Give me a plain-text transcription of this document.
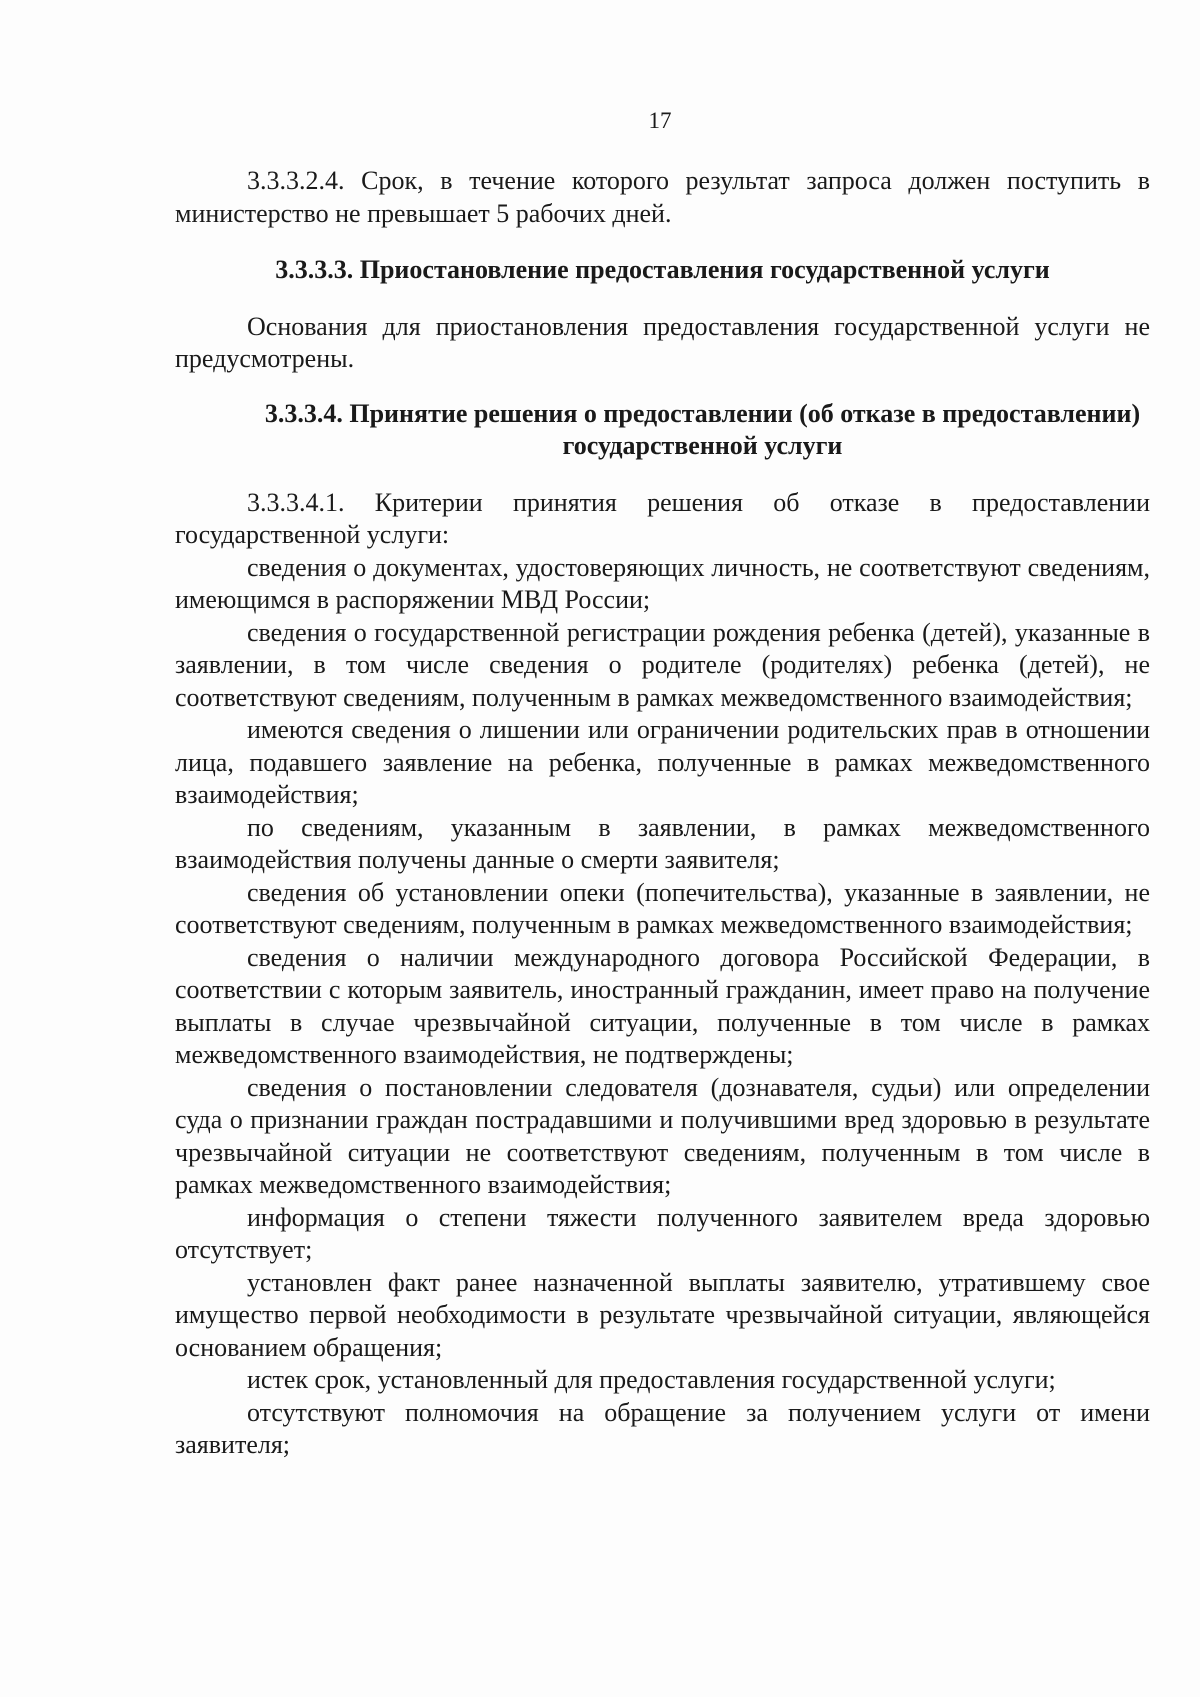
17

3.3.3.2.4. Срок, в течение которого результат запроса должен поступить в министерство не превышает 5 рабочих дней.

3.3.3.3. Приостановление предоставления государственной услуги

Основания для приостановления предоставления государственной услуги не предусмотрены.

3.3.3.4. Принятие решения о предоставлении (об отказе в предоставлении) государственной услуги

3.3.3.4.1. Критерии принятия решения об отказе в предоставлении государственной услуги:

сведения о документах, удостоверяющих личность, не соответствуют сведениям, имеющимся в распоряжении МВД России;

сведения о государственной регистрации рождения ребенка (детей), указанные в заявлении, в том числе сведения о родителе (родителях) ребенка (детей), не соответствуют сведениям, полученным в рамках межведомственного взаимодействия;

имеются сведения о лишении или ограничении родительских прав в отношении лица, подавшего заявление на ребенка, полученные в рамках межведомственного взаимодействия;

по сведениям, указанным в заявлении, в рамках межведомственного взаимодействия получены данные о смерти заявителя;

сведения об установлении опеки (попечительства), указанные в заявлении, не соответствуют сведениям, полученным в рамках межведомственного взаимодействия;

сведения о наличии международного договора Российской Федерации, в соответствии с которым заявитель, иностранный гражданин, имеет право на получение выплаты в случае чрезвычайной ситуации, полученные в том числе в рамках межведомственного взаимодействия, не подтверждены;

сведения о постановлении следователя (дознавателя, судьи) или определении суда о признании граждан пострадавшими и получившими вред здоровью в результате чрезвычайной ситуации не соответствуют сведениям, полученным в том числе в рамках межведомственного взаимодействия;

информация о степени тяжести полученного заявителем вреда здоровью отсутствует;

установлен факт ранее назначенной выплаты заявителю, утратившему свое имущество первой необходимости в результате чрезвычайной ситуации, являющейся основанием обращения;

истек срок, установленный для предоставления государственной услуги;

отсутствуют полномочия на обращение за получением услуги от имени заявителя;
